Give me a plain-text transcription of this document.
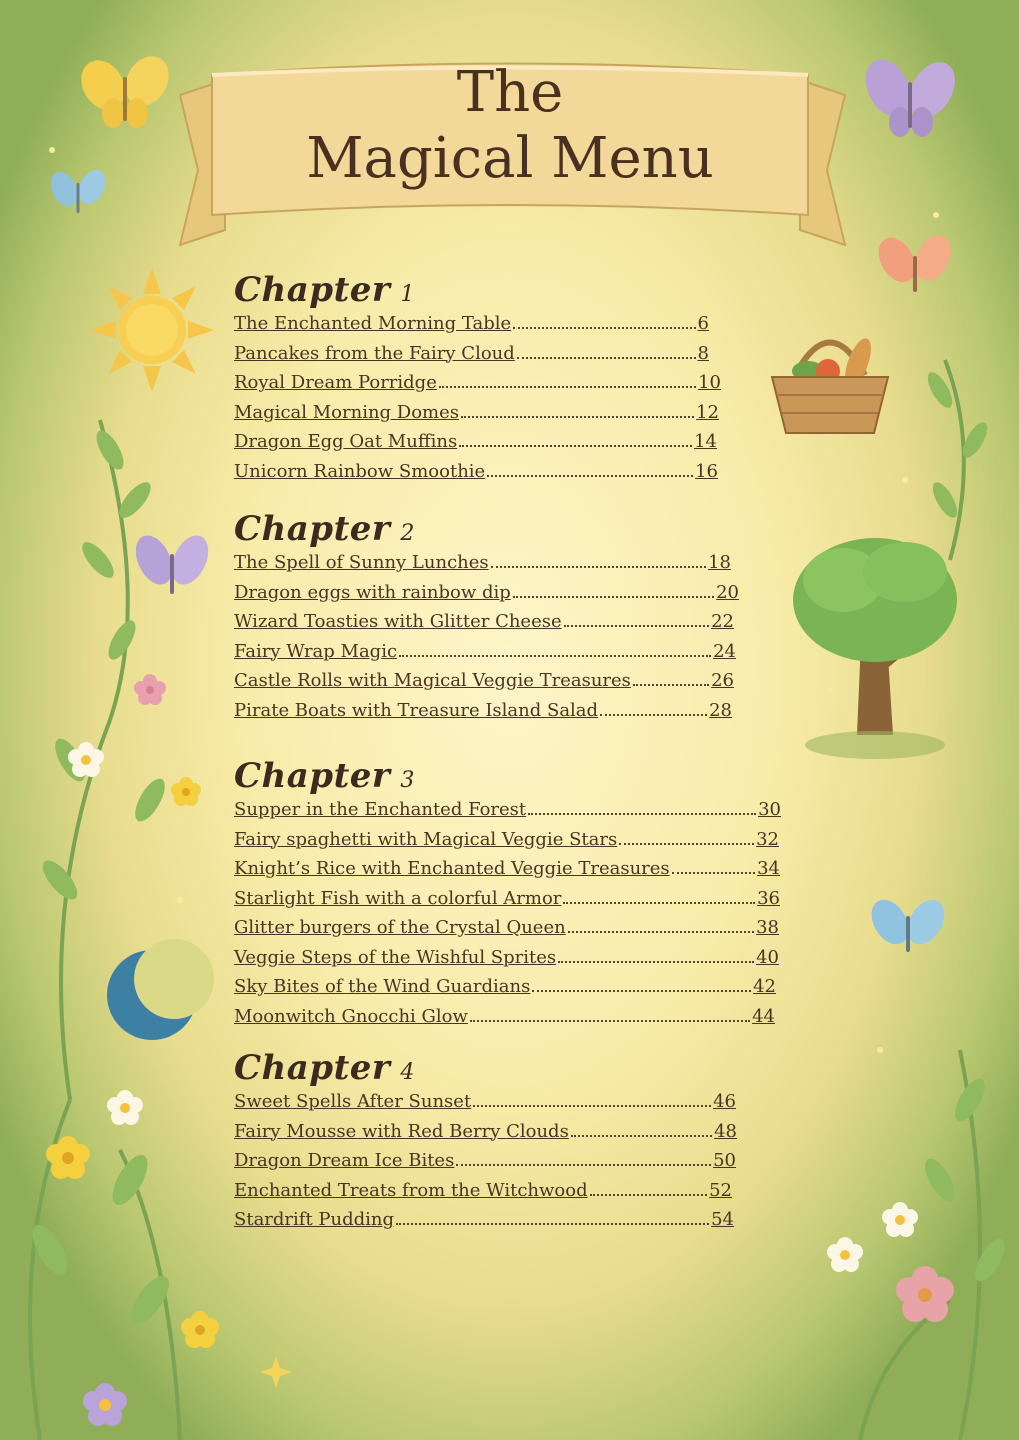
The
Magical Menu
Chapter 1
The Enchanted Morning Table	6
Pancakes from the Fairy Cloud	8
Royal Dream Porridge	10
Magical Morning Domes	12
Dragon Egg Oat Muffins	14
Unicorn Rainbow Smoothie	16
Chapter 2
The Spell of Sunny Lunches	18
Dragon eggs with rainbow dip	20
Wizard Toasties with Glitter Cheese	22
Fairy Wrap Magic	24
Castle Rolls with Magical Veggie Treasures	26
Pirate Boats with Treasure Island Salad	28
Chapter 3
Supper in the Enchanted Forest	30
Fairy spaghetti with Magical Veggie Stars	32
Knight’s Rice with Enchanted Veggie Treasures	34
Starlight Fish with a colorful Armor	36
Glitter burgers of the Crystal Queen	38
Veggie Steps of the Wishful Sprites	40
Sky Bites of the Wind Guardians	42
Moonwitch Gnocchi Glow	44
Chapter 4
Sweet Spells After Sunset	46
Fairy Mousse with Red Berry Clouds	48
Dragon Dream Ice Bites	50
Enchanted Treats from the Witchwood	52
Stardrift Pudding	54
